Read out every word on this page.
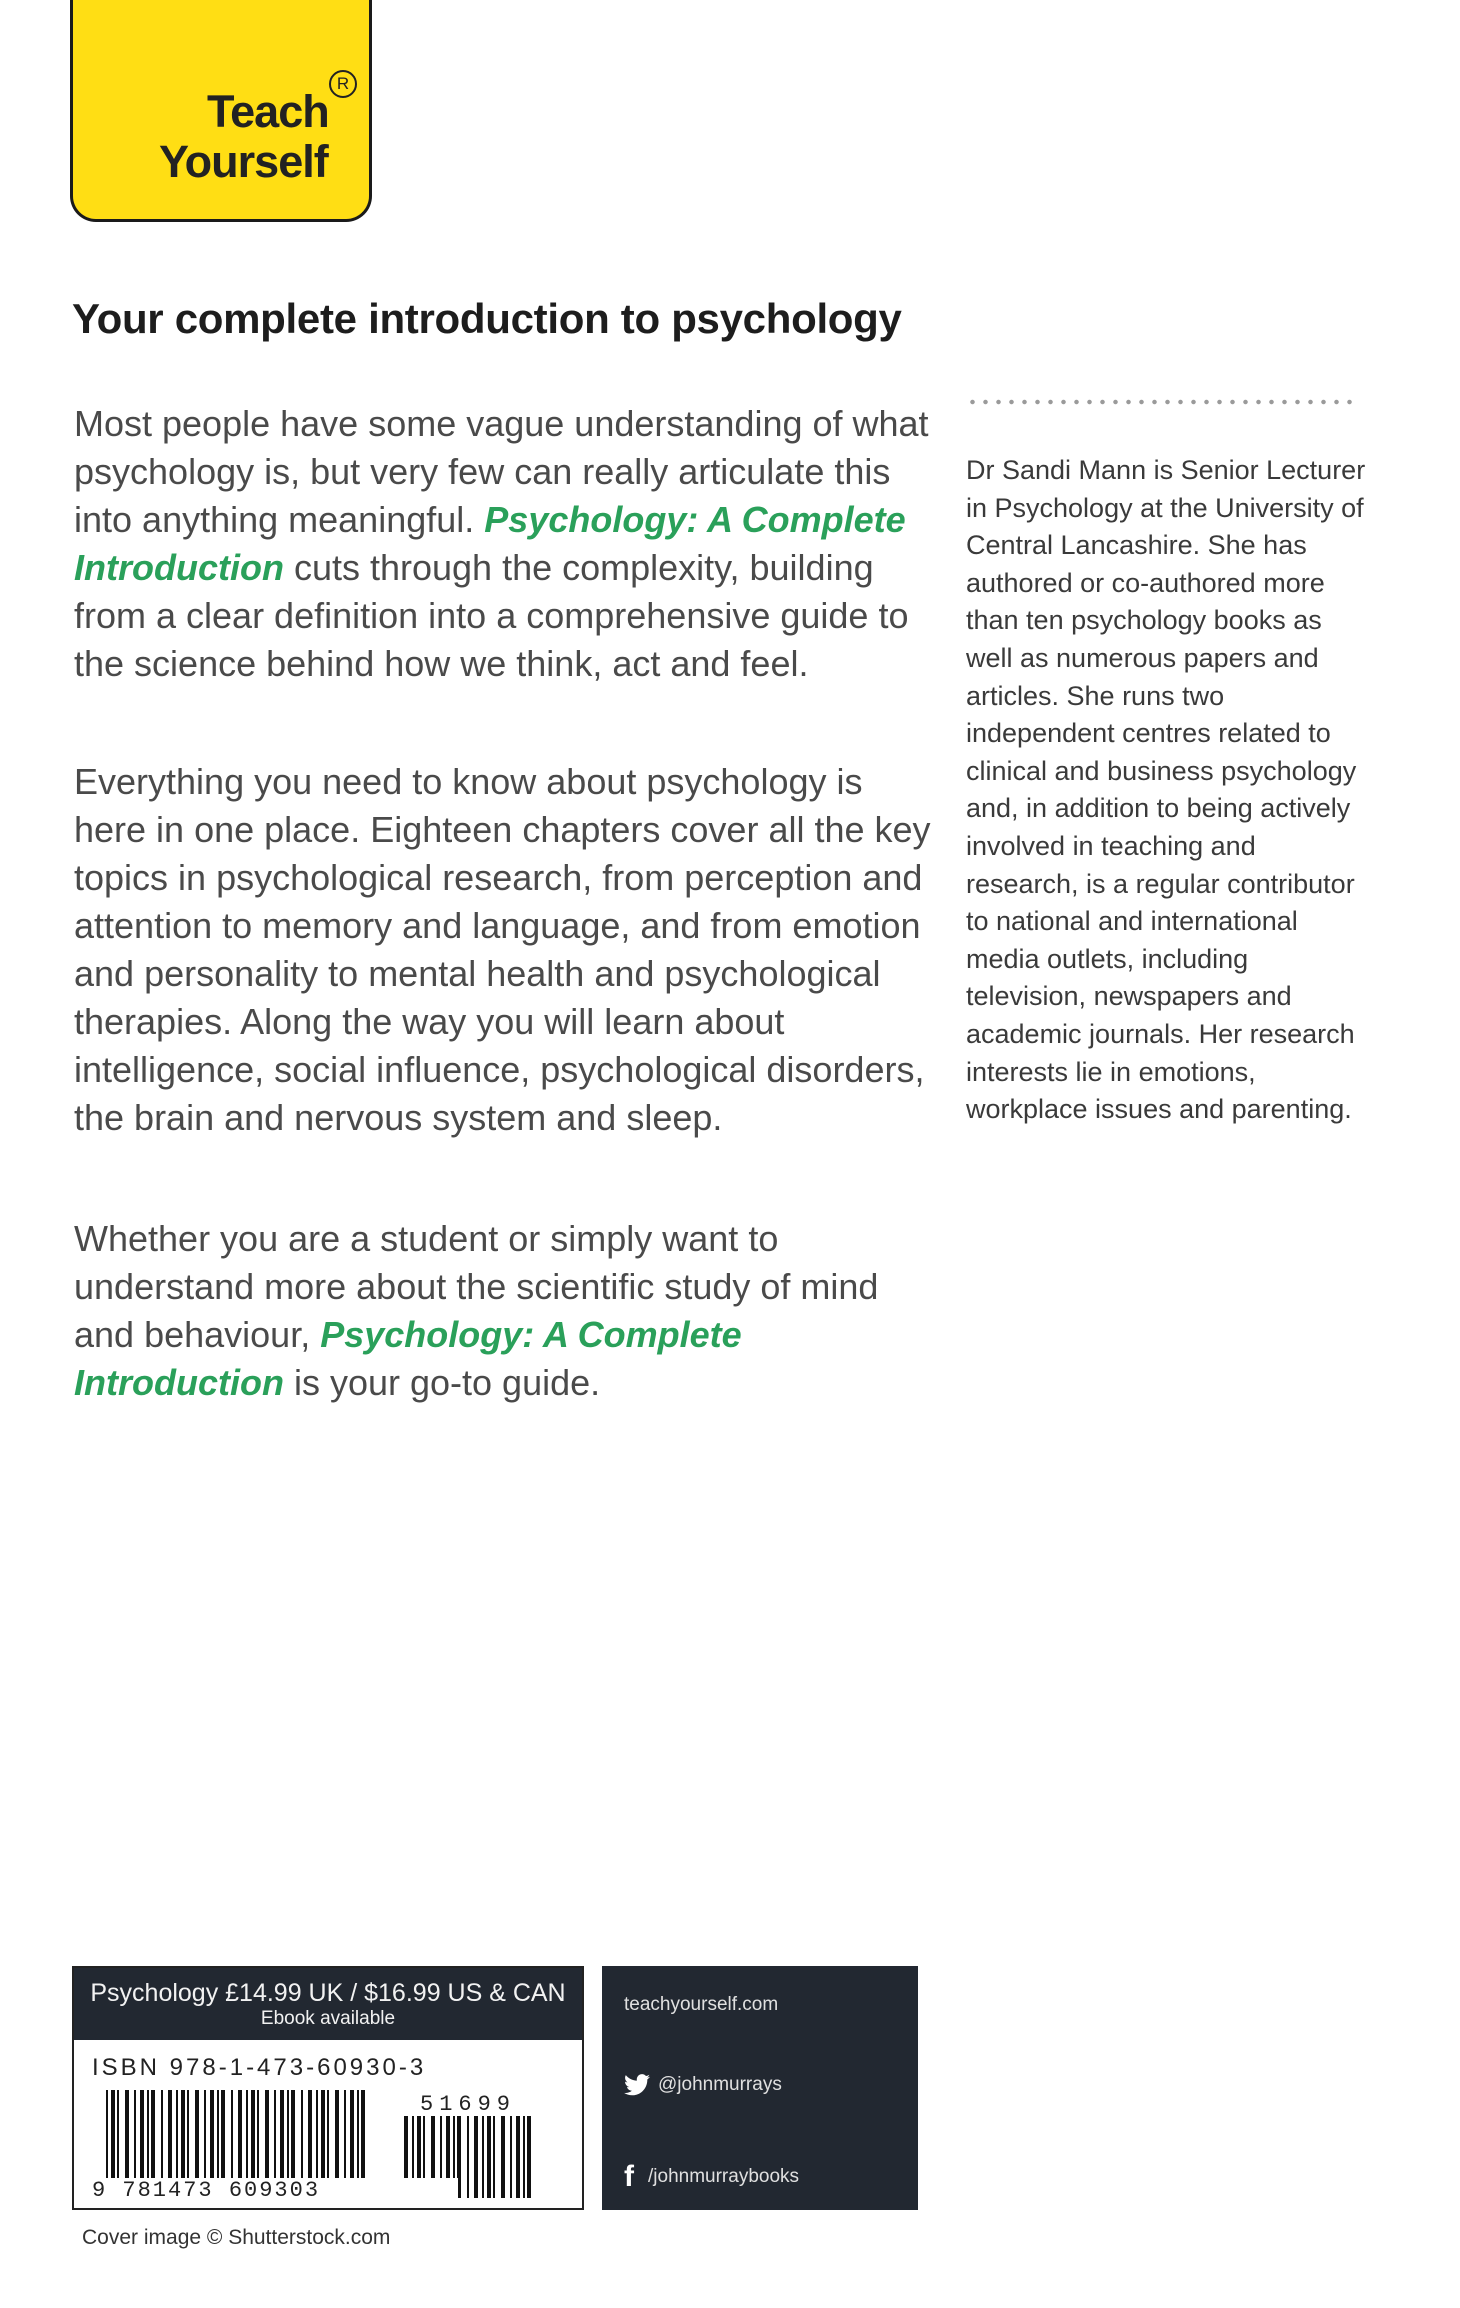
Teach
R
Yourself
Your complete introduction to psychology

Most people have some vague understanding of what psychology is, but very few can really articulate this into anything meaningful. Psychology: A Complete Introduction cuts through the complexity, building from a clear definition into a comprehensive guide to the science behind how we think, act and feel.

Everything you need to know about psychology is here in one place. Eighteen chapters cover all the key topics in psychological research, from perception and attention to memory and language, and from emotion and personality to mental health and psychological therapies. Along the way you will learn about intelligence, social influence, psychological disorders, the brain and nervous system and sleep.

Whether you are a student or simply want to understand more about the scientific study of mind and behaviour, Psychology: A Complete Introduction is your go-to guide.

Dr Sandi Mann is Senior Lecturer in Psychology at the University of Central Lancashire. She has authored or co-authored more than ten psychology books as well as numerous papers and articles. She runs two independent centres related to clinical and business psychology and, in addition to being actively involved in teaching and research, is a regular contributor to national and international media outlets, including television, newspapers and academic journals. Her research interests lie in emotions, workplace issues and parenting.

Psychology £14.99 UK / $16.99 US & CAN
Ebook available
ISBN 978-1-473-60930-3
9 781473 609303
51699
teachyourself.com
@johnmurrays
f /johnmurraybooks
Cover image © Shutterstock.com
